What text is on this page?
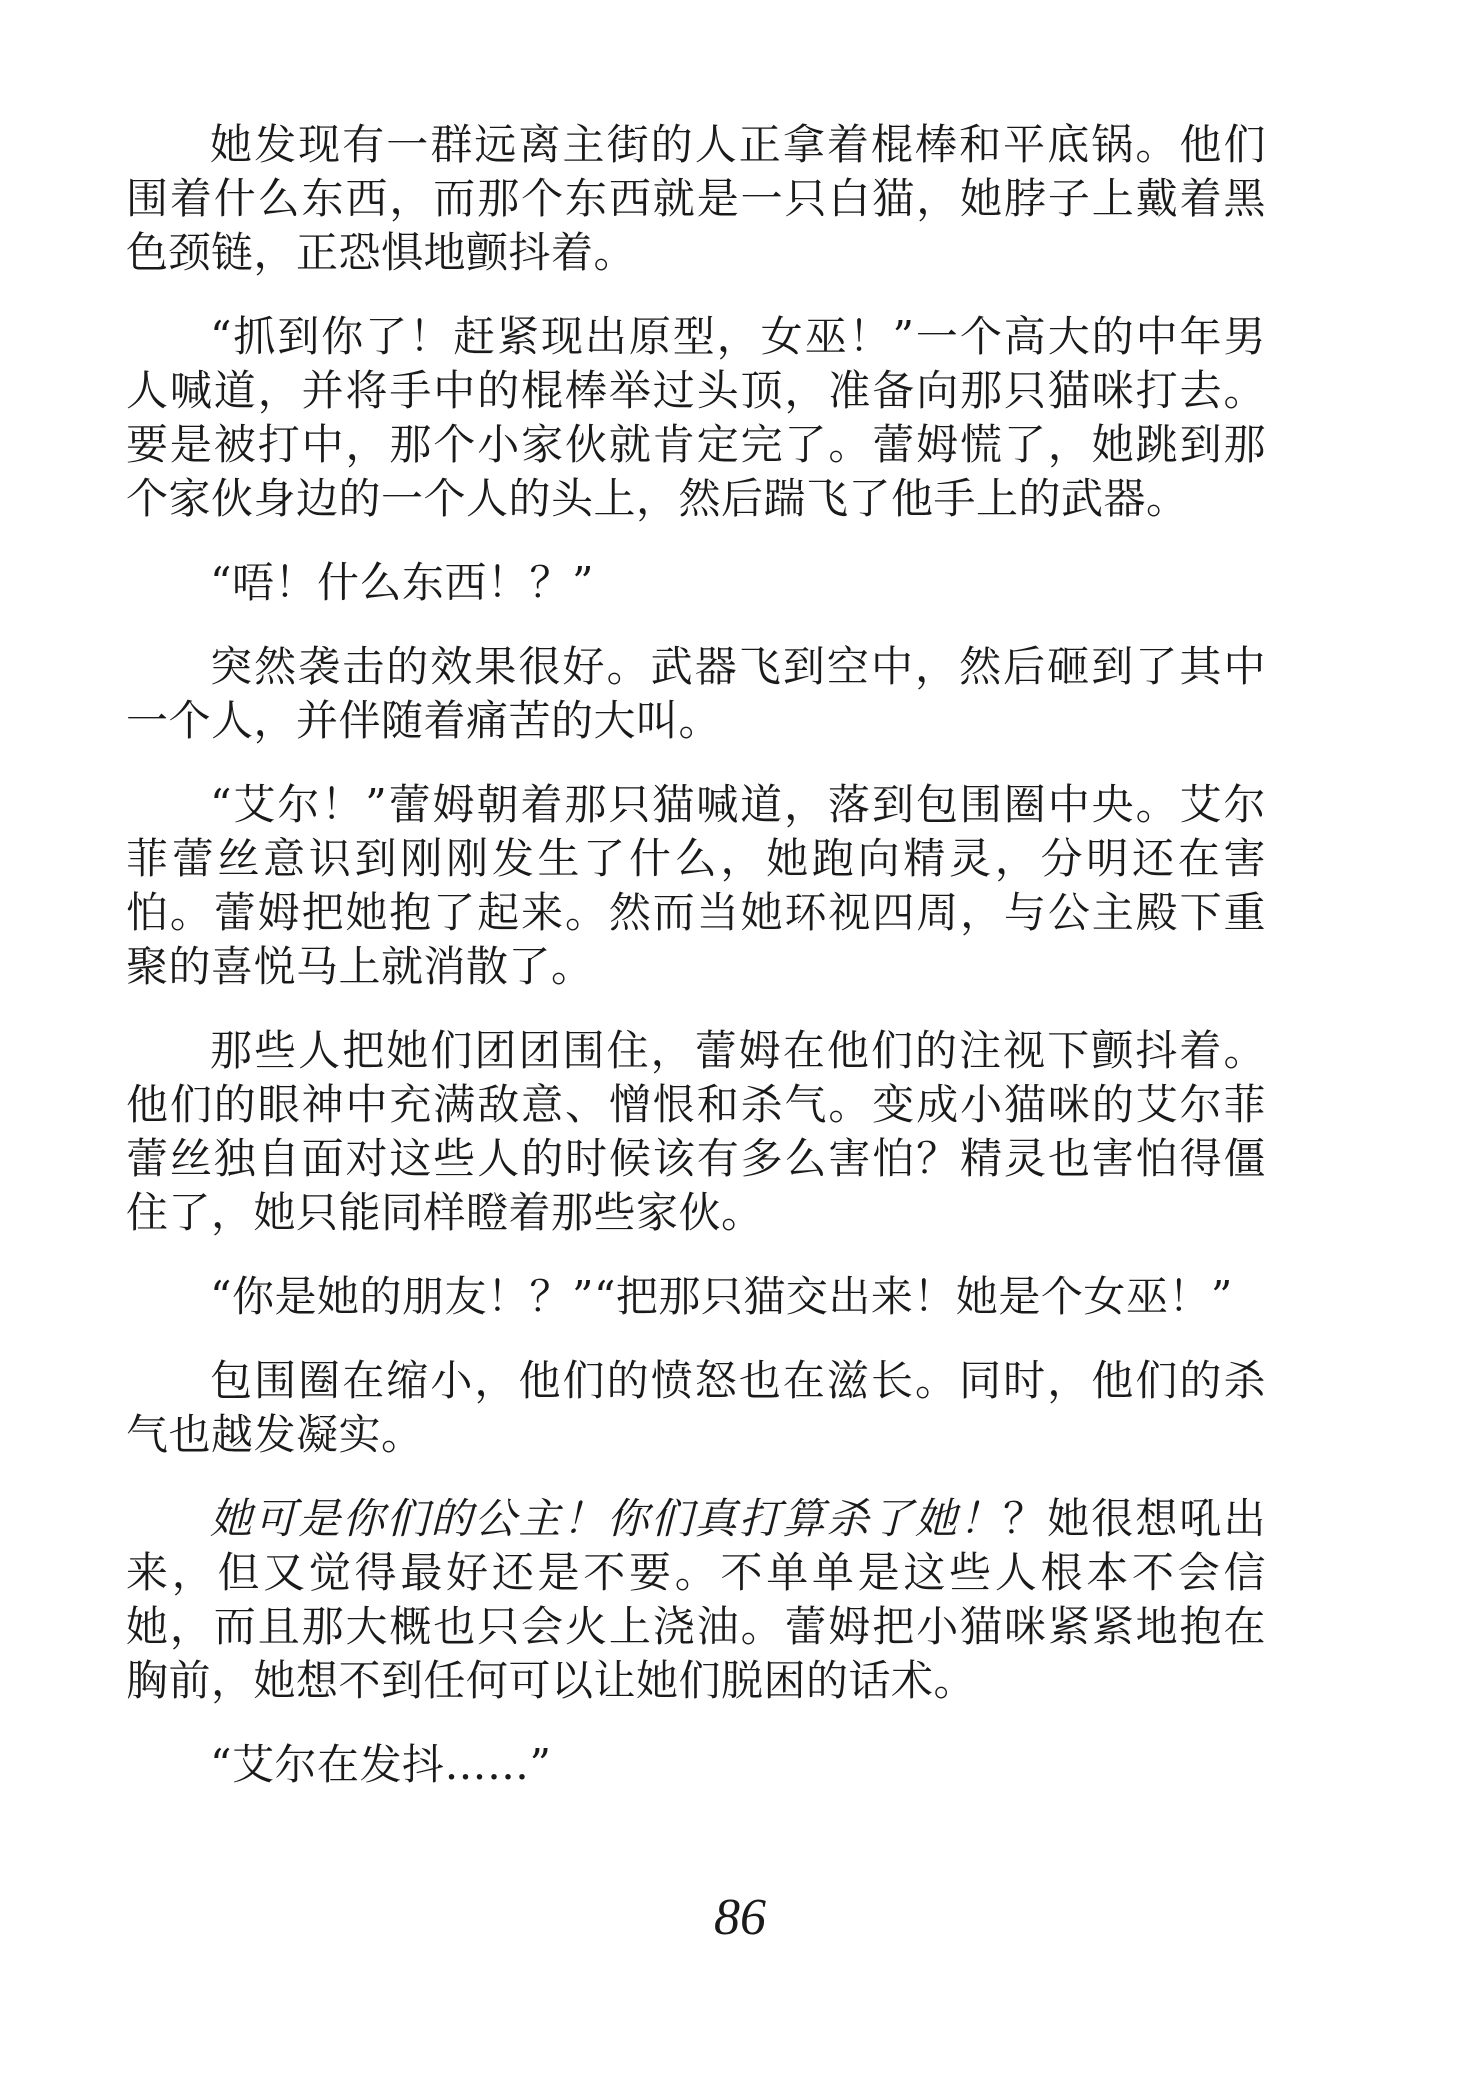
她发现有一群远离主街的人正拿着棍棒和平底锅。他们围着什么东西，而那个东西就是一只白猫，她脖子上戴着黑色颈链，正恐惧地颤抖着。

“抓到你了！赶紧现出原型，女巫！”一个高大的中年男人喊道，并将手中的棍棒举过头顶，准备向那只猫咪打去。要是被打中，那个小家伙就肯定完了。蕾姆慌了，她跳到那个家伙身边的一个人的头上，然后踹飞了他手上的武器。

“唔！什么东西！？”

突然袭击的效果很好。武器飞到空中，然后砸到了其中一个人，并伴随着痛苦的大叫。

“艾尔！”蕾姆朝着那只猫喊道，落到包围圈中央。艾尔菲蕾丝意识到刚刚发生了什么，她跑向精灵，分明还在害怕。蕾姆把她抱了起来。然而当她环视四周，与公主殿下重聚的喜悦马上就消散了。

那些人把她们团团围住，蕾姆在他们的注视下颤抖着。他们的眼神中充满敌意、憎恨和杀气。变成小猫咪的艾尔菲蕾丝独自面对这些人的时候该有多么害怕？精灵也害怕得僵住了，她只能同样瞪着那些家伙。

“你是她的朋友！？”“把那只猫交出来！她是个女巫！”

包围圈在缩小，他们的愤怒也在滋长。同时，他们的杀气也越发凝实。

她可是你们的公主！你们真打算杀了她！？她很想吼出来，但又觉得最好还是不要。不单单是这些人根本不会信她，而且那大概也只会火上浇油。蕾姆把小猫咪紧紧地抱在胸前，她想不到任何可以让她们脱困的话术。

“艾尔在发抖……”

86
